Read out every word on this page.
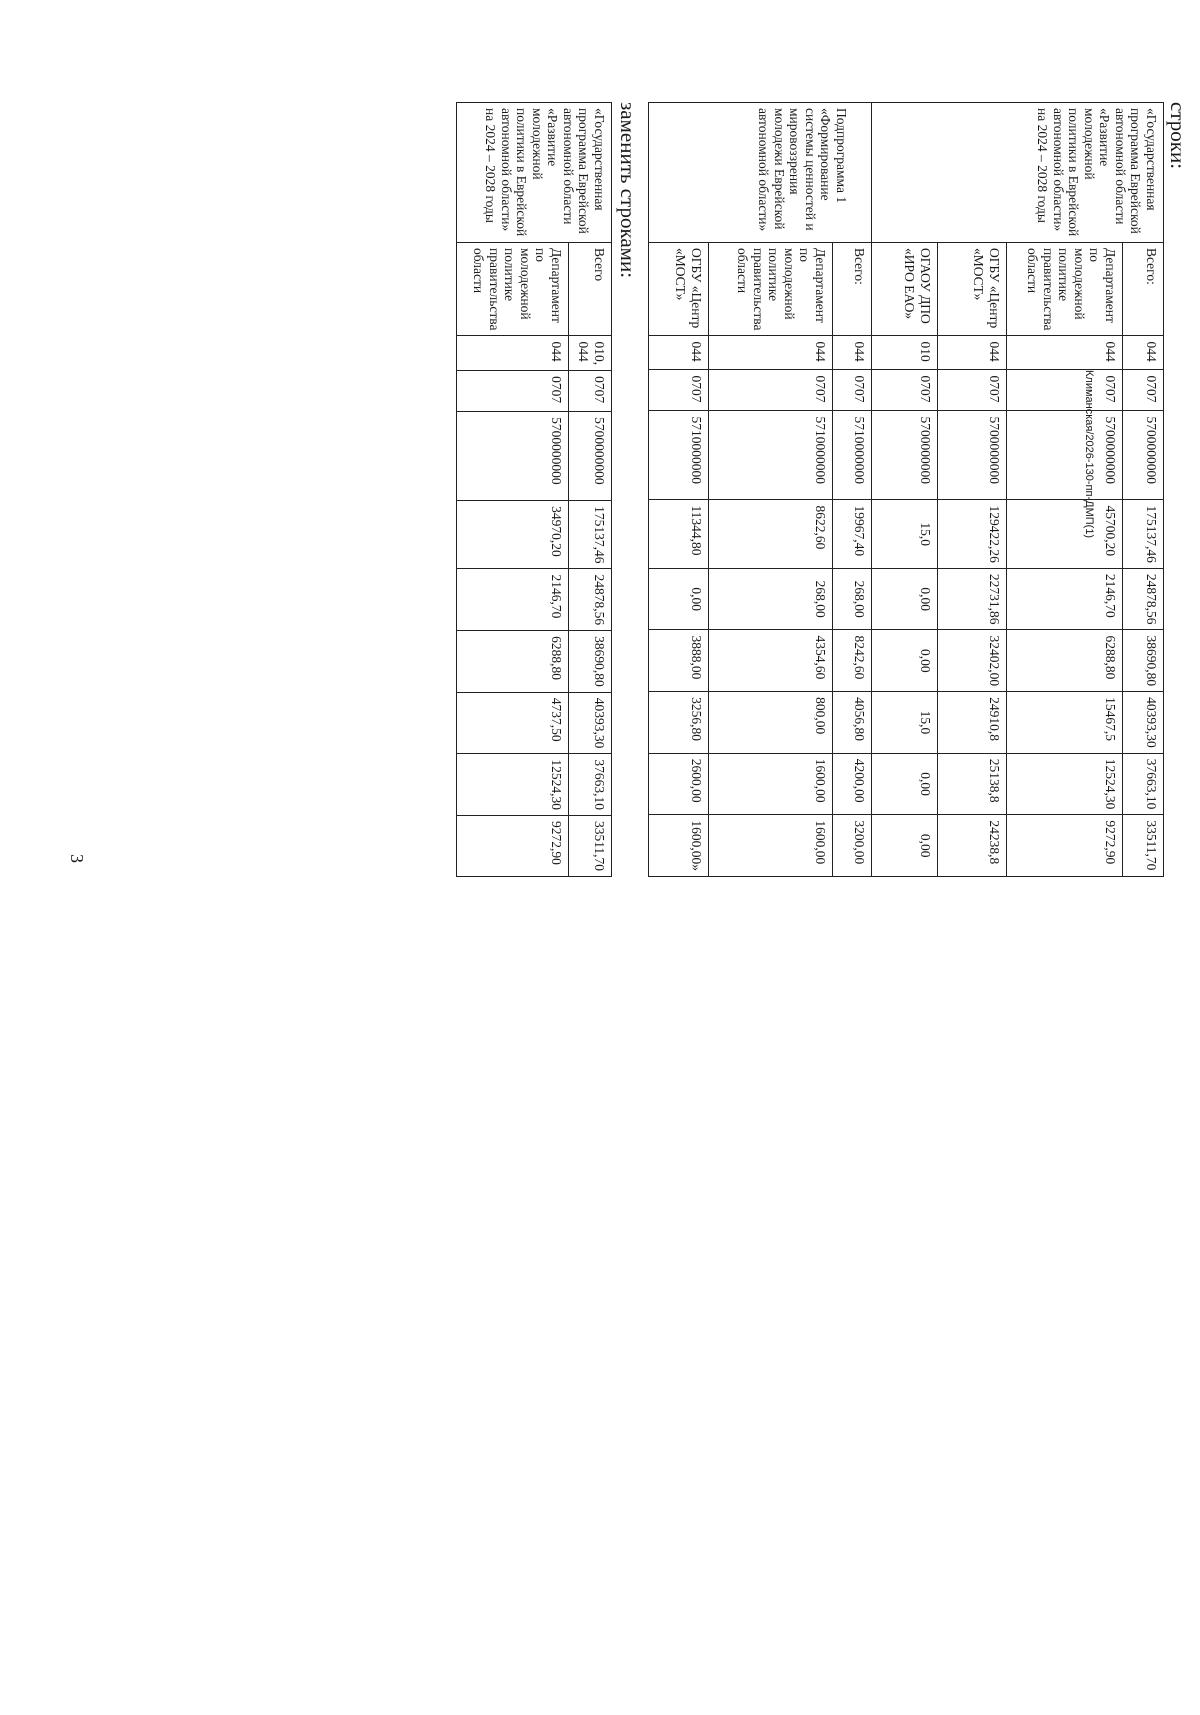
3
Климанская/2026-130-пп-ДМП(1)
строки:
«Государственная программа Еврейской автономной области «Развитие молодежной политики в Еврейской автономной области» на 2024 – 2028 годы	Всего:	044	0707	5700000000	175137,46	24878,56	38690,80	40393,30	37663,10	33511,70
	Департамент по молодежной политике правительства области	044	0707	5700000000	45700,20	2146,70	6288,80	15467,5	12524,30	9272,90
	ОГБУ «Центр «МОСТ»	044	0707	5700000000	129422,26	22731,86	32402,00	24910,8	25138,8	24238,8
	ОГАОУ ДПО «ИРО ЕАО»	010	0707	5700000000	15,0	0,00	0,00	15,0	0,00	0,00
Подпрограмма 1 «Формирование системы ценностей и мировоззрения молодежи Еврейской автономной области»	Всего:	044	0707	5710000000	19967,40	268,00	8242,60	4056,80	4200,00	3200,00
	Департамент по молодежной политике правительства области	044	0707	5710000000	8622,60	268,00	4354,60	800,00	1600,00	1600,00
	ОГБУ «Центр «МОСТ»	044	0707	5710000000	11344,80	0,00	3888,00	3256,80	2600,00	1600,00»
заменить строками:
«Государственная программа Еврейской автономной области «Развитие молодежной политики в Еврейской автономной области» на 2024 – 2028 годы	Всего	010, 044	0707	5700000000	175137,46	24878,56	38690,80	40393,30	37663,10	33511,70
	Департамент по молодежной политике правительства области	044	0707	5700000000	34970,20	2146,70	6288,80	4737,50	12524,30	9272,90
